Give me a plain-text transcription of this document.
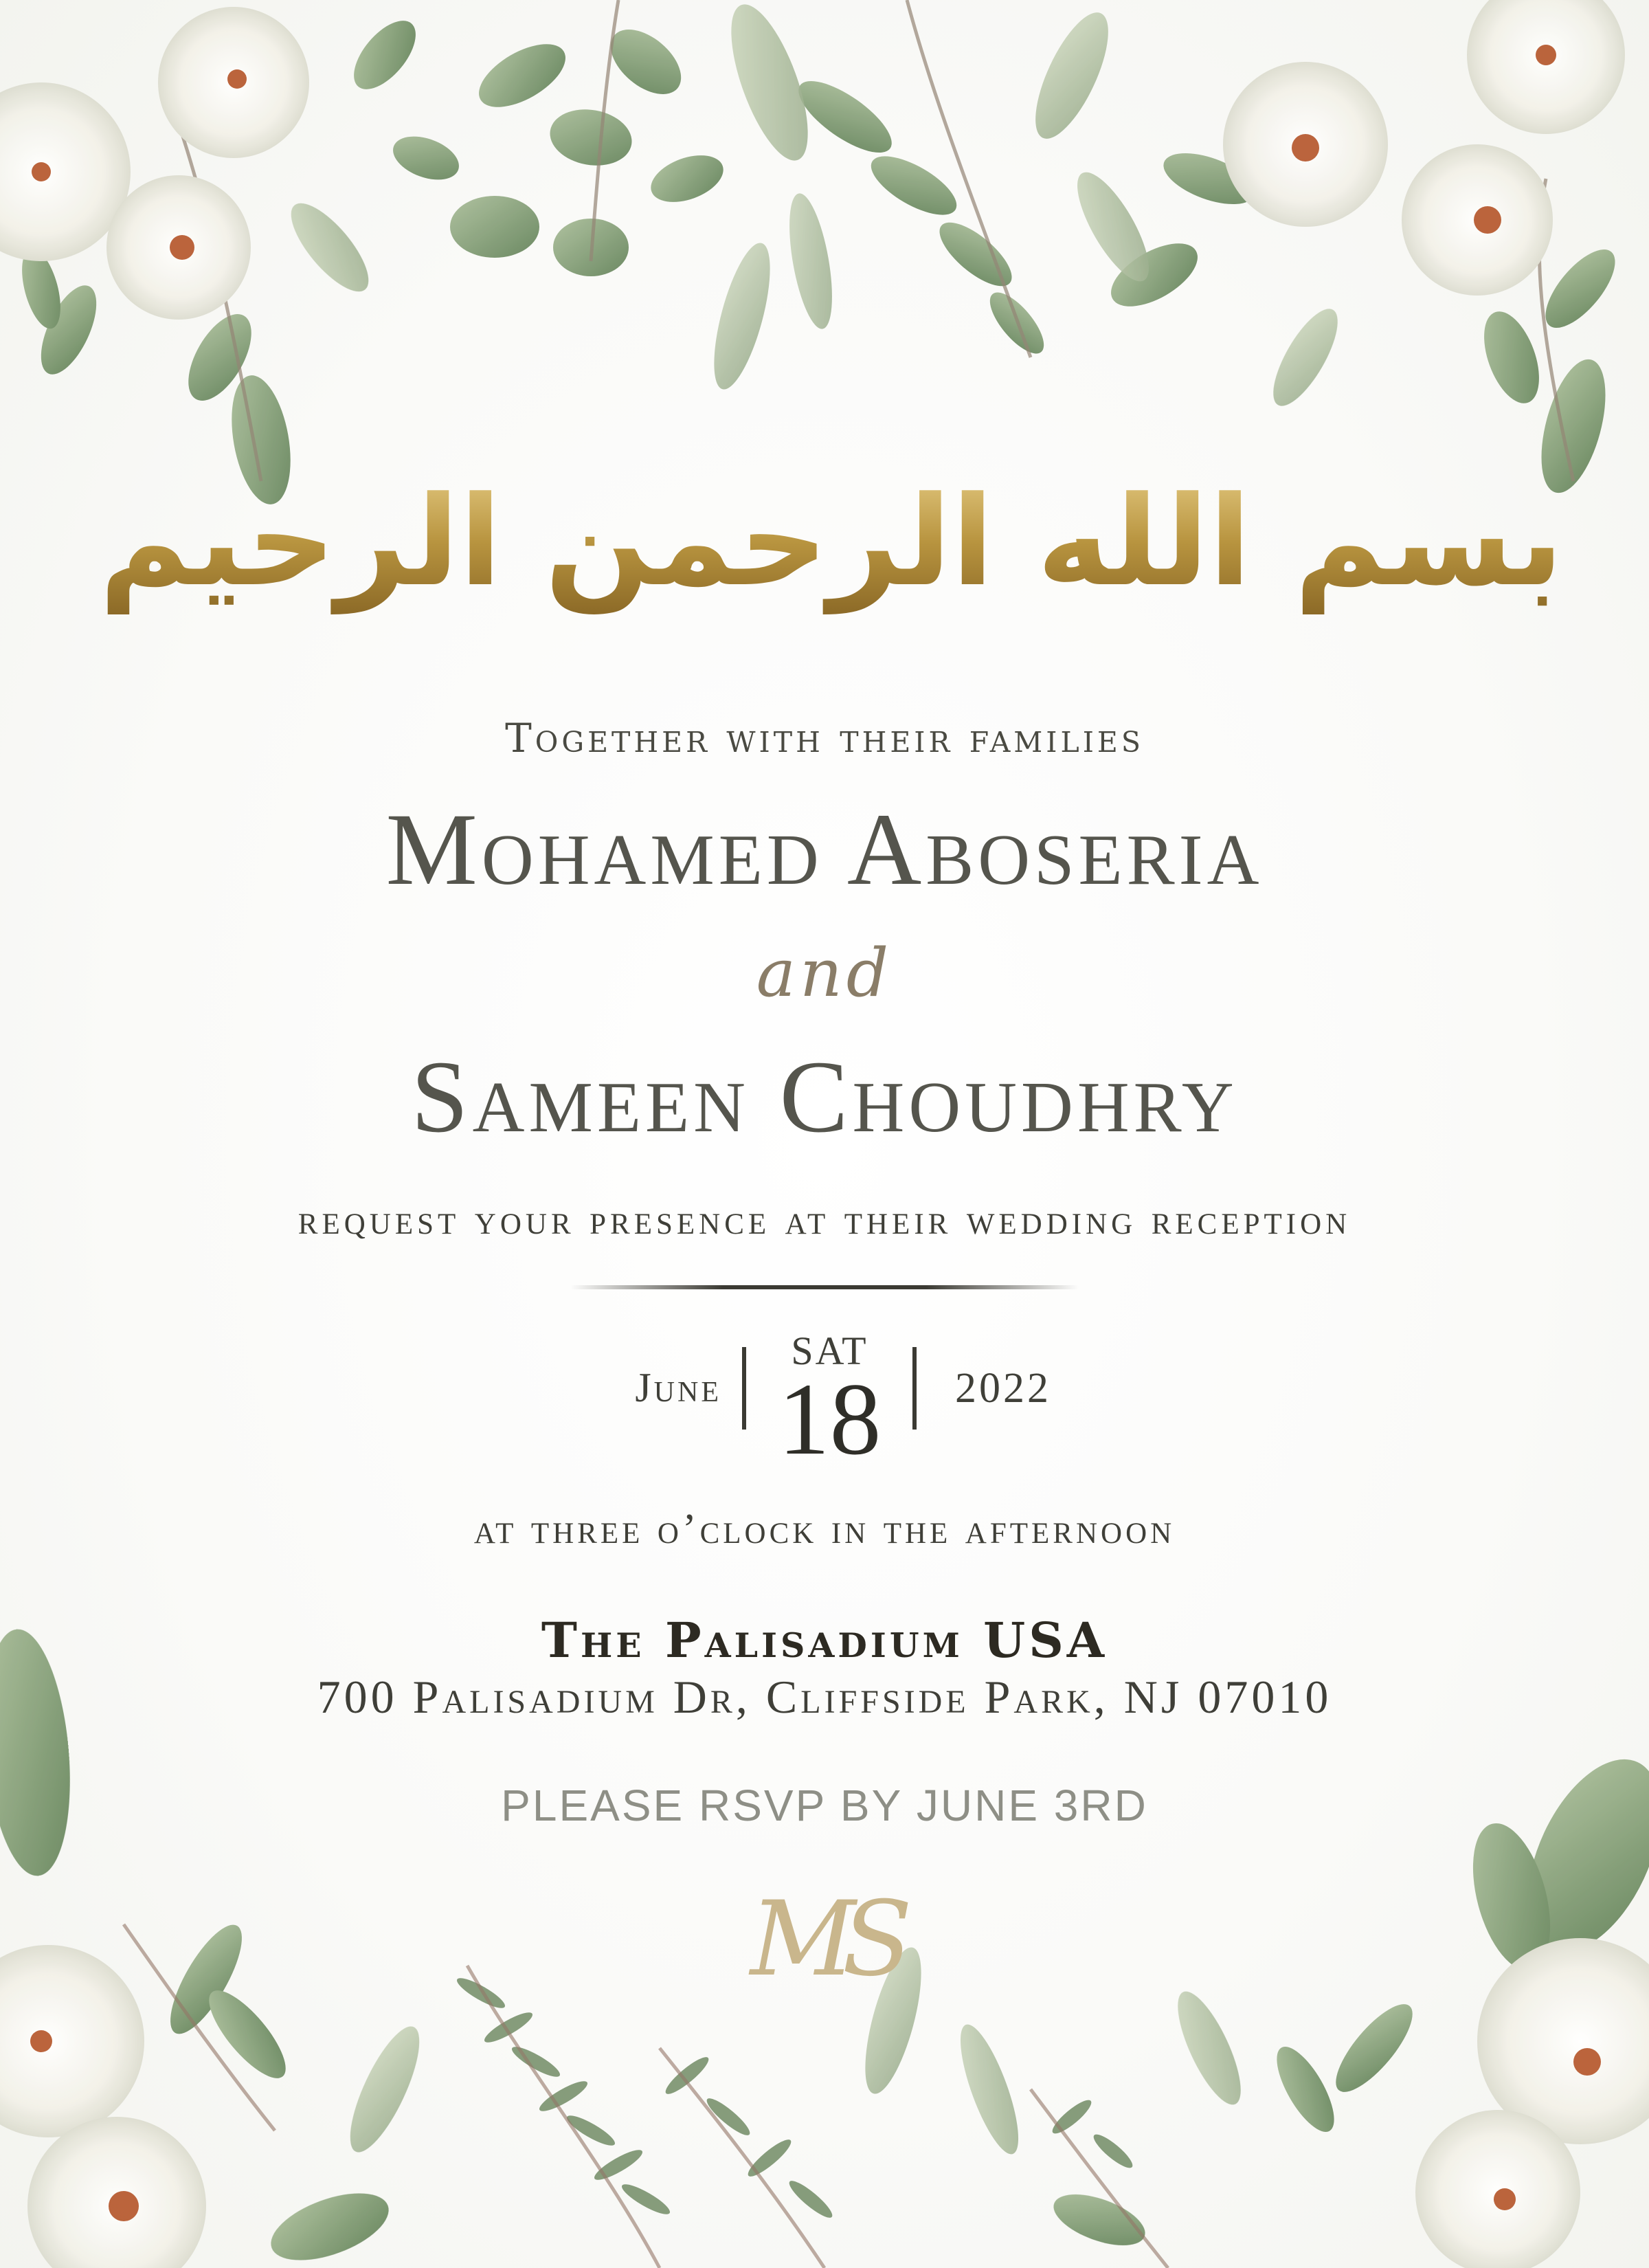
بسم الله الرحمن الرحيم
Together with their families
Mohamed Aboseria
and
Sameen Choudhry
request your presence at their wedding reception
June
SAT
18	2022
at three o’clock in the afternoon
The Palisadium USA
700 Palisadium Dr, Cliffside Park, NJ 07010
PLEASE RSVP BY JUNE 3RD
MS
